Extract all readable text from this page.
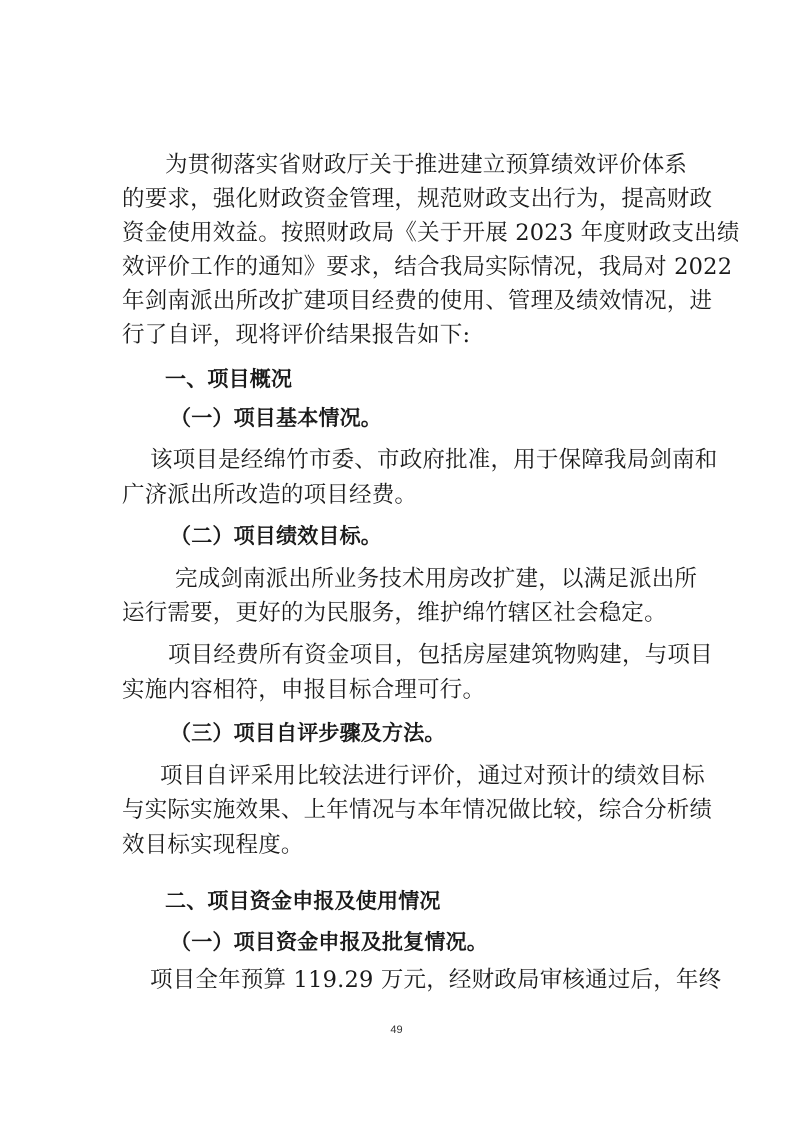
为贯彻落实省财政厅关于推进建立预算绩效评价体系
的要求，强化财政资金管理，规范财政支出行为，提高财政
资金使用效益。按照财政局《关于开展 2023 年度财政支出绩
效评价工作的通知》要求，结合我局实际情况，我局对 2022
年剑南派出所改扩建项目经费的使用、管理及绩效情况，进
行了自评，现将评价结果报告如下:
一、项目概况
（一）项目基本情况。
该项目是经绵竹市委、市政府批准，用于保障我局剑南和
广济派出所改造的项目经费。
（二）项目绩效目标。
完成剑南派出所业务技术用房改扩建，以满足派出所
运行需要，更好的为民服务，维护绵竹辖区社会稳定。
项目经费所有资金项目，包括房屋建筑物购建，与项目
实施内容相符，申报目标合理可行。
（三）项目自评步骤及方法。
项目自评采用比较法进行评价，通过对预计的绩效目标
与实际实施效果、上年情况与本年情况做比较，综合分析绩
效目标实现程度。
二、项目资金申报及使用情况
（一）项目资金申报及批复情况。
项目全年预算 119.29 万元，经财政局审核通过后，年终
49
